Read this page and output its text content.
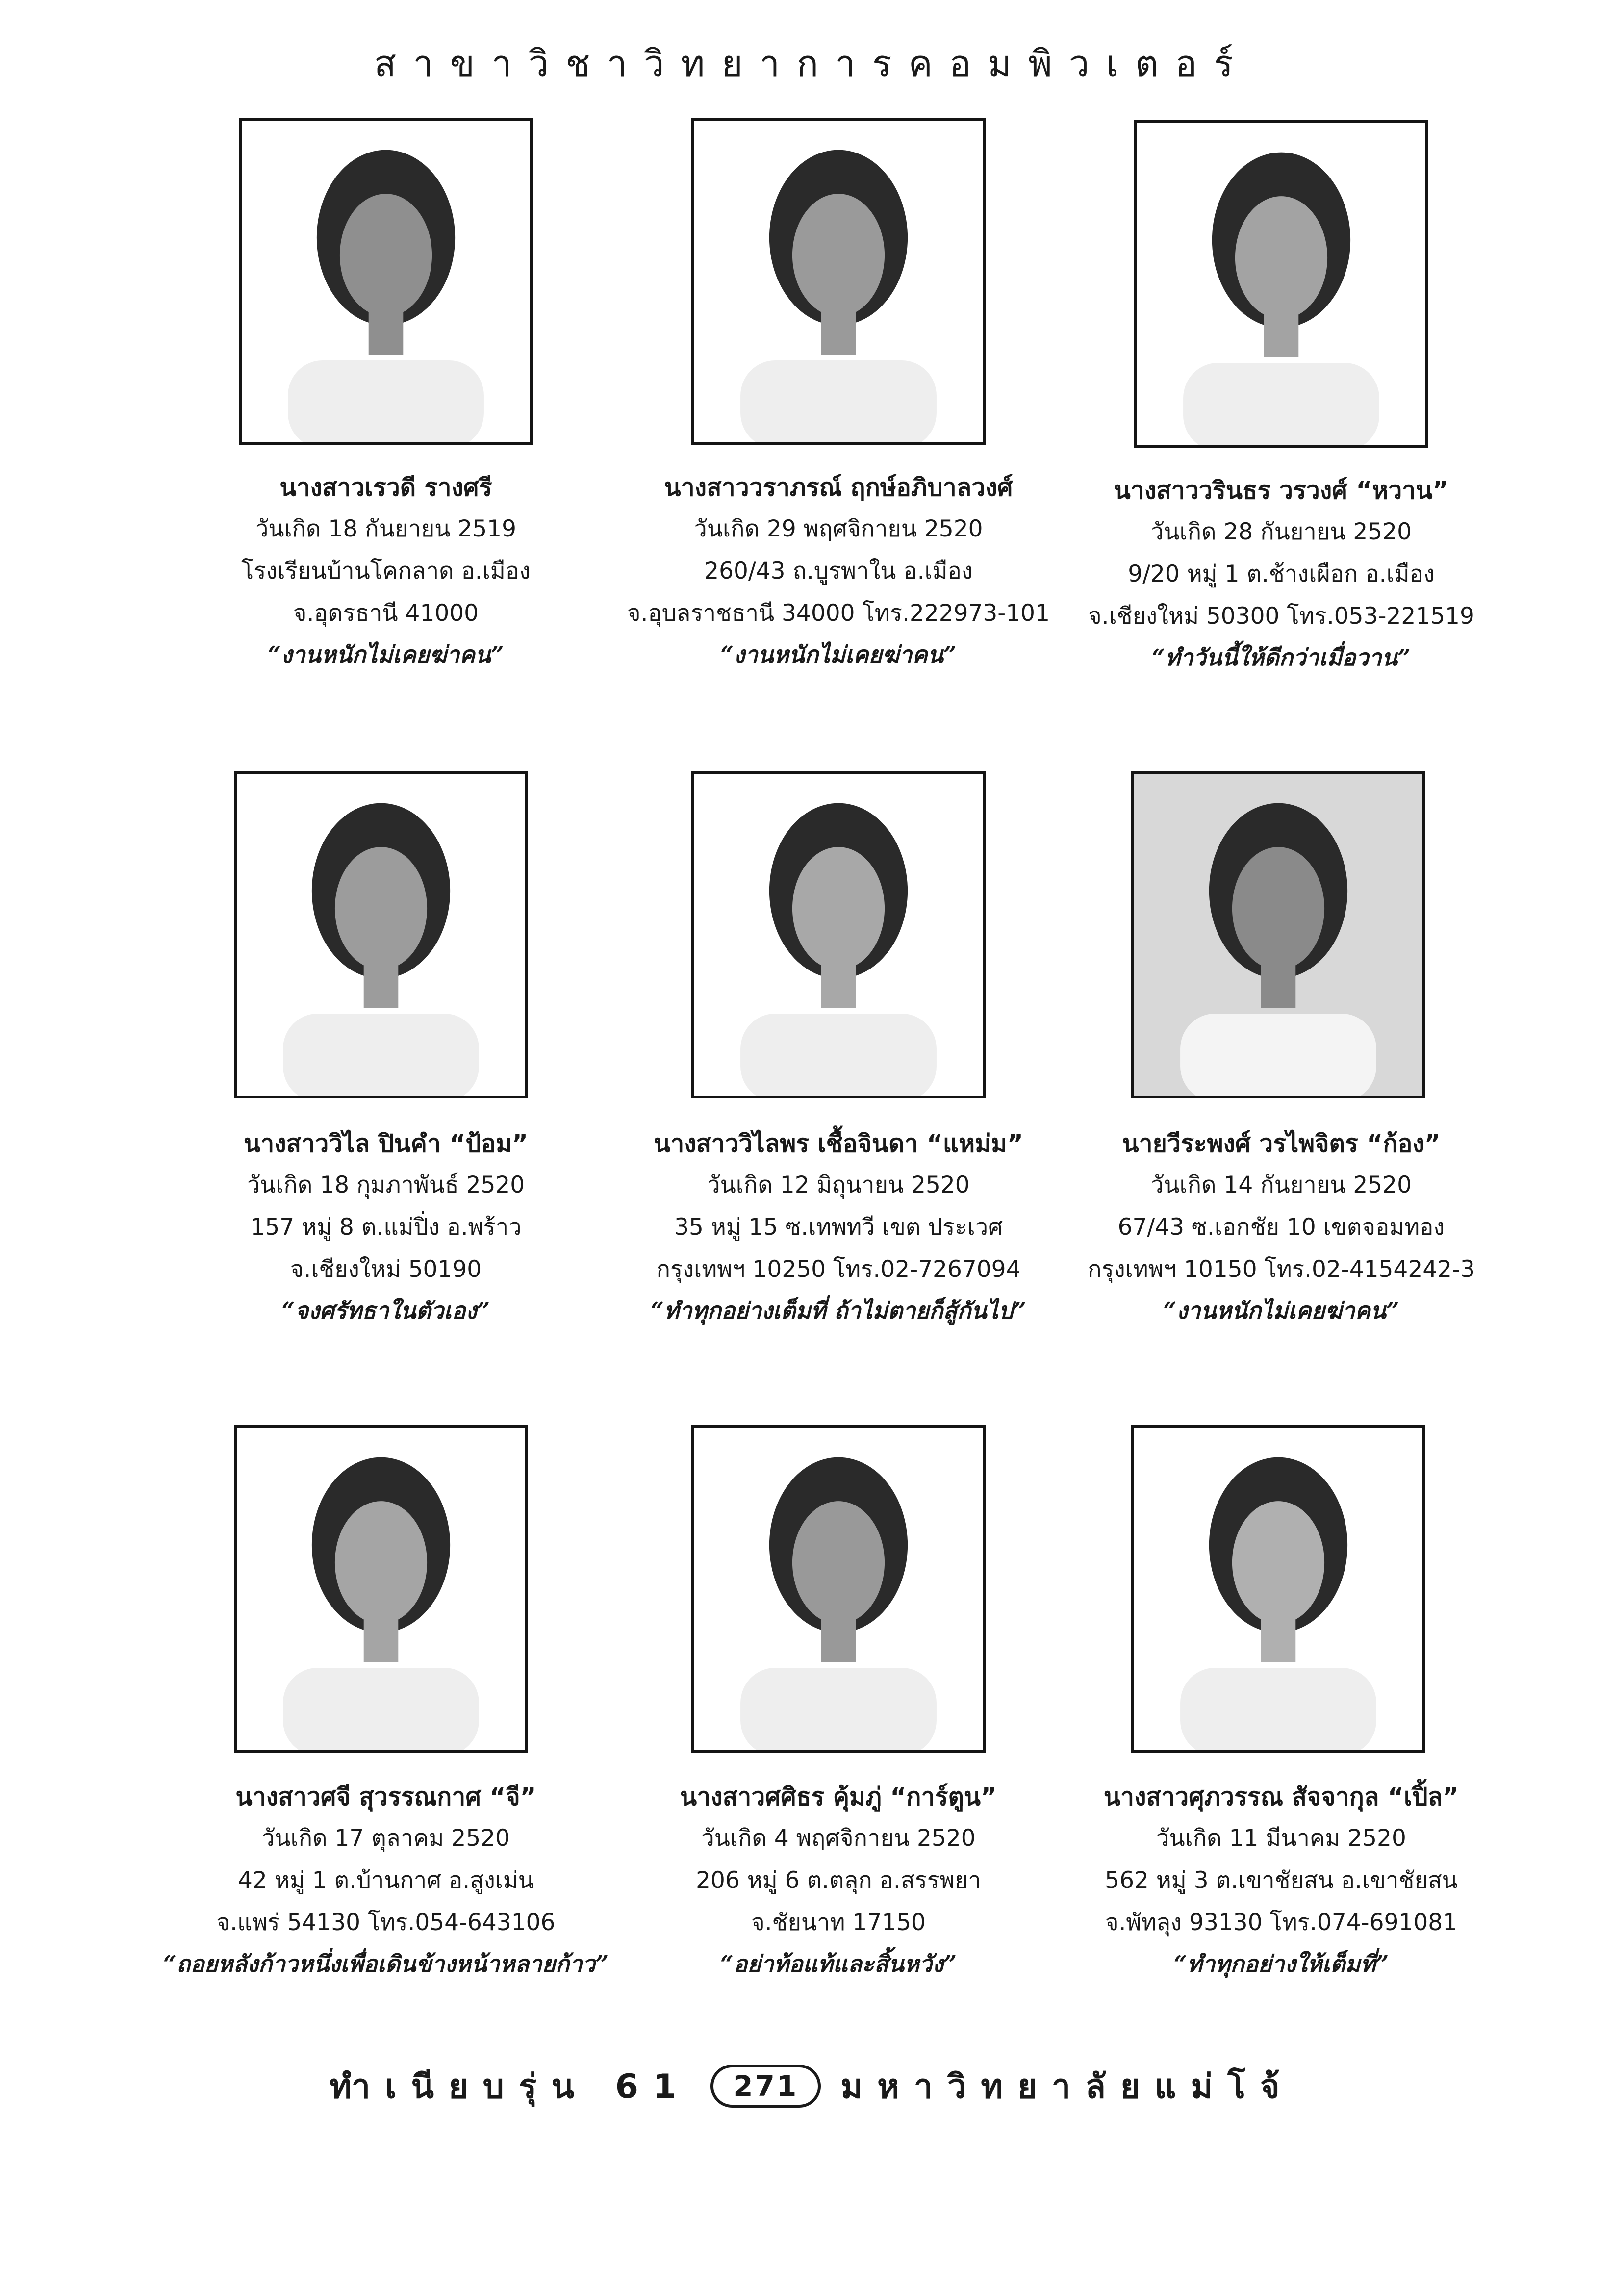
สาขาวิชาวิทยาการคอมพิวเตอร์
นางสาวเรวดี รางศรี
วันเกิด 18 กันยายน 2519
โรงเรียนบ้านโคกลาด อ.เมือง
จ.อุดรธานี 41000
“งานหนักไม่เคยฆ่าคน”
นางสาววราภรณ์ ฤกษ์อภิบาลวงศ์
วันเกิด 29 พฤศจิกายน 2520
260/43 ถ.บูรพาใน อ.เมือง
จ.อุบลราชธานี 34000 โทร.222973-101
“งานหนักไม่เคยฆ่าคน”
นางสาววรินธร วรวงศ์ “หวาน”
วันเกิด 28 กันยายน 2520
9/20 หมู่ 1 ต.ช้างเผือก อ.เมือง
จ.เชียงใหม่ 50300 โทร.053-221519
“ทำวันนี้ให้ดีกว่าเมื่อวาน”
นางสาววิไล ปินคำ “ป้อม”
วันเกิด 18 กุมภาพันธ์ 2520
157 หมู่ 8 ต.แม่ปิ่ง อ.พร้าว
จ.เชียงใหม่ 50190
“จงศรัทธาในตัวเอง”
นางสาววิไลพร เชื้อจินดา “แหม่ม”
วันเกิด 12 มิถุนายน 2520
35 หมู่ 15 ซ.เทพทวี เขต ประเวศ
กรุงเทพฯ 10250 โทร.02-7267094
“ทำทุกอย่างเต็มที่ ถ้าไม่ตายก็สู้กันไป”
นายวีระพงศ์ วรไพจิตร “ก้อง”
วันเกิด 14 กันยายน 2520
67/43 ซ.เอกชัย 10 เขตจอมทอง
กรุงเทพฯ 10150 โทร.02-4154242-3
“งานหนักไม่เคยฆ่าคน”
นางสาวศจี สุวรรณกาศ “จี”
วันเกิด 17 ตุลาคม 2520
42 หมู่ 1 ต.บ้านกาศ อ.สูงเม่น
จ.แพร่ 54130 โทร.054-643106
“ถอยหลังก้าวหนึ่งเพื่อเดินข้างหน้าหลายก้าว”
นางสาวศศิธร คุ้มภู่ “การ์ตูน”
วันเกิด 4 พฤศจิกายน 2520
206 หมู่ 6 ต.ตลุก อ.สรรพยา
จ.ชัยนาท 17150
“อย่าท้อแท้และสิ้นหวัง”
นางสาวศุภวรรณ สัจจากุล “เปิ้ล”
วันเกิด 11 มีนาคม 2520
562 หมู่ 3 ต.เขาชัยสน อ.เขาชัยสน
จ.พัทลุง 93130 โทร.074-691081
“ทำทุกอย่างให้เต็มที่”
ทำเนียบรุ่น 61	271	มหาวิทยาลัยแม่โจ้
